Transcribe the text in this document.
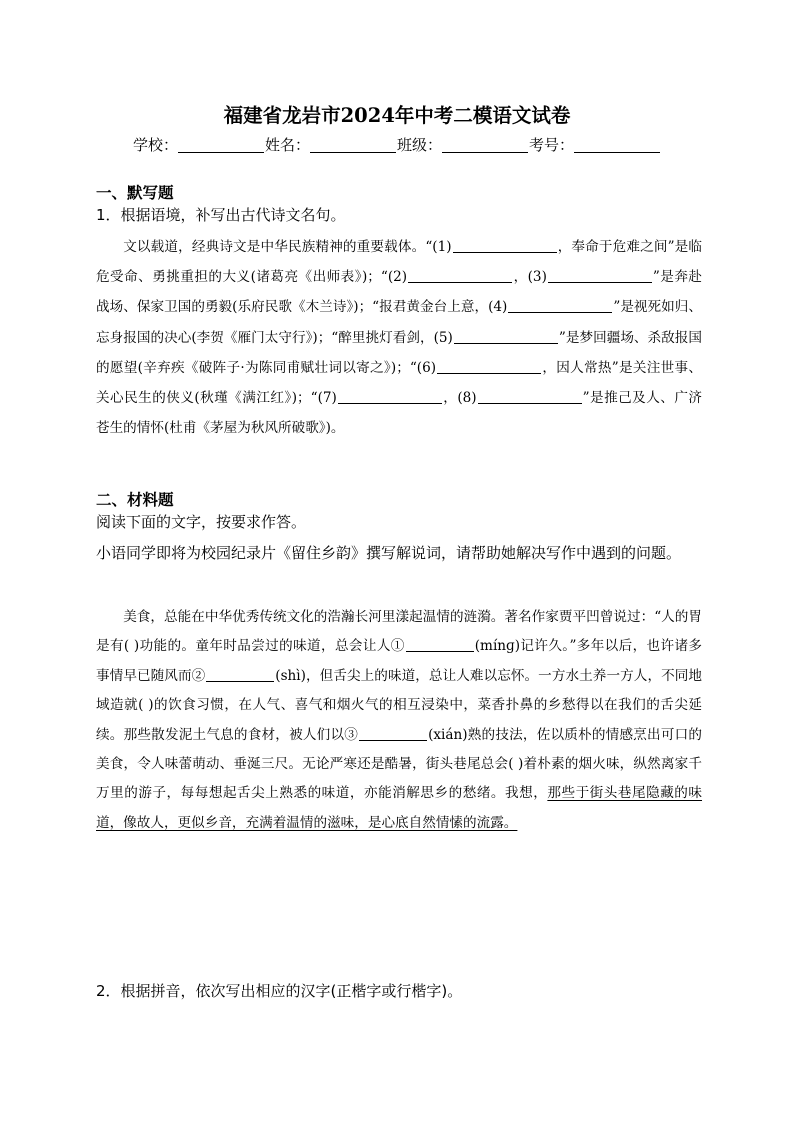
福建省龙岩市2024年中考二模语文试卷
学校：	姓名：	班级：	考号：
一、默写题
1．根据语境，补写出古代诗文名句。
文以载道，经典诗文是中华民族精神的重要载体。“(1)	，奉命于危难之间”是临危受命、勇挑重担的大义(诸葛亮《出师表》)；“(2)	，(3)	”是奔赴战场、保家卫国的勇毅(乐府民歌《木兰诗》)；“报君黄金台上意，(4)	”是视死如归、忘身报国的决心(李贺《雁门太守行》)；“醉里挑灯看剑，(5)	”是梦回疆场、杀敌报国的愿望(辛弃疾《破阵子·为陈同甫赋壮词以寄之》)；“(6)	，因人常热”是关注世事、关心民生的侠义(秋瑾《满江红》)；“(7)	，(8)	”是推己及人、广济苍生的情怀(杜甫《茅屋为秋风所破歌》)。
二、材料题
阅读下面的文字，按要求作答。
小语同学即将为校园纪录片《留住乡韵》撰写解说词，请帮助她解决写作中遇到的问题。
美食，总能在中华优秀传统文化的浩瀚长河里漾起温情的涟漪。著名作家贾平凹曾说过：“人的胃是有( )功能的。童年时品尝过的味道，总会让人①	(mínɡ)记许久。”多年以后，也许诸多事情早已随风而②	(shì)，但舌尖上的味道，总让人难以忘怀。一方水土养一方人，不同地域造就( )的饮食习惯，在人气、喜气和烟火气的相互浸染中，菜香扑鼻的乡愁得以在我们的舌尖延续。那些散发泥土气息的食材，被人们以③	(xián)熟的技法，佐以质朴的情感烹出可口的美食，令人味蕾萌动、垂涎三尺。无论严寒还是酷暑，街头巷尾总会( )着朴素的烟火味，纵然离家千万里的游子，每每想起舌尖上熟悉的味道，亦能消解思乡的愁绪。我想，那些于街头巷尾隐藏的味道，像故人，更似乡音，充满着温情的滋味，是心底自然情愫的流露。
2．根据拼音，依次写出相应的汉字(正楷字或行楷字)。
